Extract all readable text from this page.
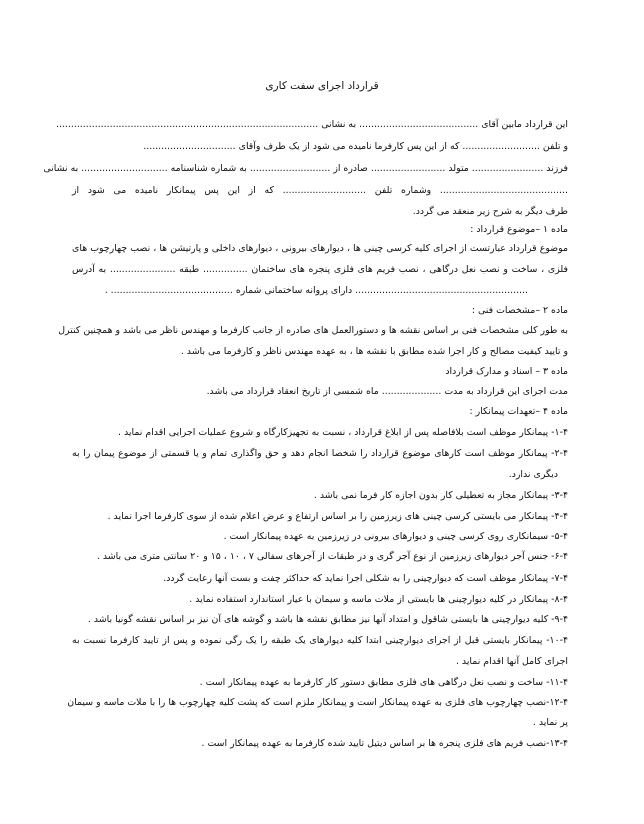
قرارداد اجرای سفت کاری
این قرارداد مابین آقای ........................................ به نشانی ........................................................................................
و تلفن .......................... که از این پس کارفرما نامیده می شود از یک طرف وآقای ...............................
فرزند ........................ متولد ......................... صادره از ........................... به شماره شناسنامه ............................. به نشانی
........................................... وشماره تلفن ............................ که از این پس پیمانکار نامیده می شود از
طرف دیگر به شرح زیر منعقد می گردد.
ماده ۱ –موضوع قرارداد :
موضوع قرارداد عبارتست از اجرای کلیه کرسی چینی ها ، دیوارهای بیرونی ، دیوارهای داخلی و پارتیشن ها ، نصب چهارچوب های
فلزی ، ساخت و نصب نعل درگاهی ، نصب فریم های فلزی پنجره های ساختمان ............... طبقه ...................... به آدرس
.......................................................... دارای پروانه ساختمانی شماره ......................................... .
ماده ۲ –مشخصات فنی :
به طور کلی مشخصات فنی بر اساس نقشه ها و دستورالعمل های صادره از جانب کارفرما و مهندس ناظر می باشد و همچنین کنترل
و تایید کیفیت مصالح و کار اجرا شده مطابق با نقشه ها ، به عهده مهندس ناظر و کارفرما می باشد .
ماده ۳ – اسناد و مدارک قرارداد
مدت اجرای این قرارداد به مدت .................... ماه شمسی از تاریخ انعقاد قرارداد می باشد.
ماده ۴ –تعهدات پیمانکار :
۱-۴- پیمانکار موظف است بلافاصله پس از ابلاغ قرارداد ، نسبت به تجهیزکارگاه و شروع عملیات اجرایی اقدام نماید .
۲-۴- پیمانکار موظف است کارهای موضوع قرارداد را شخصا انجام دهد و حق واگذاری تمام و یا قسمتی از موضوع پیمان را به
دیگری ندارد.
۳-۴- پیمانکار مجاز به تعطیلی کار بدون اجازه کار فرما نمی باشد .
۴-۴- پیمانکار می بایستی کرسی چینی های زیرزمین را بر اساس ارتفاع و عرض اعلام شده از سوی کارفرما اجرا نماید .
۵-۴- سیمانکاری روی کرسی چینی و دیوارهای بیرونی در زیرزمین به عهده پیمانکار است .
۶-۴- جنس آجر دیوارهای زیرزمین از نوع آجر گری و در طبقات از آجرهای سفالی ۷ ، ۱۰ ، ۱۵ و ۲۰ سانتی متری می باشد .
۷-۴- پیمانکار موظف است که دیوارچینی را به شکلی اجرا نماید که حداکثر چفت و بست آنها رعایت گردد.
۸-۴- پیمانکار در کلیه دیوارچینی ها بایستی از ملات ماسه و سیمان با عیار استاندارد استفاده نماید .
۹-۴- کلیه دیوارچینی ها بایستی شاقول و امتداد آنها نیز مطابق نقشه ها باشد و گوشه های آن نیز بر اساس نقشه گونیا باشد .
۱۰-۴- پیمانکار بایستی قبل از اجرای دیوارچینی ابتدا کلیه دیوارهای یک طبقه را یک رگی نموده و پس از تایید کارفرما نسبت به
اجرای کامل آنها اقدام نماید .
۱۱-۴- ساخت و نصب نعل درگاهی های فلزی مطابق دستور کار کارفرما به عهده پیمانکار است .
۱۲-۴-نصب چهارچوب های فلزی به عهده پیمانکار است و پیمانکار ملزم است که پشت کلیه چهارچوب ها را با ملات ماسه و سیمان
پر نماید .
۱۳-۴-نصب فریم های فلزی پنجره ها بر اساس دیتیل تایید شده کارفرما به عهده پیمانکار است .
